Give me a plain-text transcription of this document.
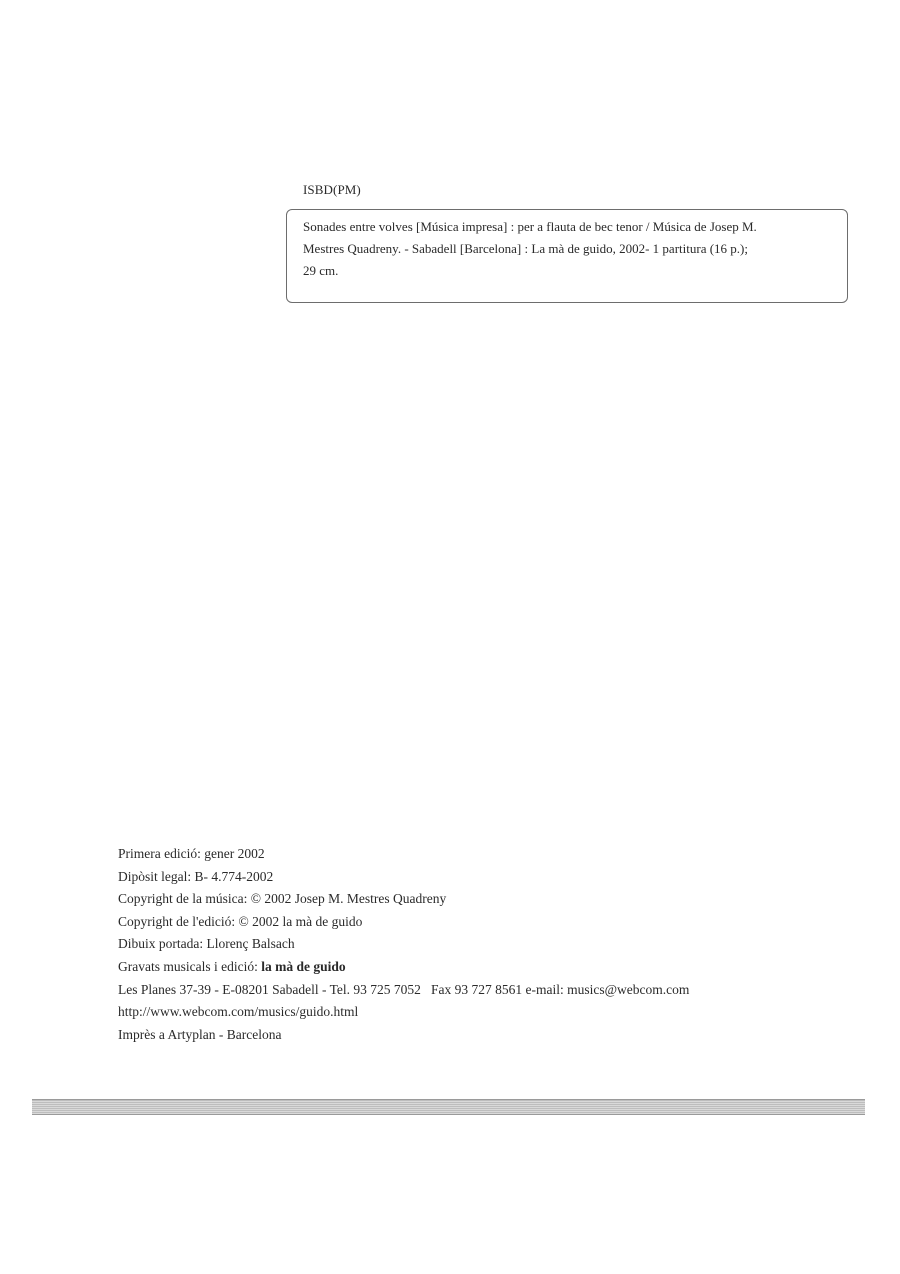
ISBD(PM)
Sonades entre volves [Música impresa] : per a flauta de bec tenor / Música de Josep M.
Mestres Quadreny. - Sabadell [Barcelona] : La mà de guido, 2002- 1 partitura (16 p.);
29 cm.
Primera edició: gener 2002
Dipòsit legal: B- 4.774-2002
Copyright de la música: © 2002 Josep M. Mestres Quadreny
Copyright de l'edició: © 2002 la mà de guido
Dibuix portada: Llorenç Balsach
Gravats musicals i edició: la mà de guido
Les Planes 37-39 - E-08201 Sabadell - Tel. 93 725 7052   Fax 93 727 8561 e-mail: musics@webcom.com
http://www.webcom.com/musics/guido.html
Imprès a Artyplan - Barcelona
